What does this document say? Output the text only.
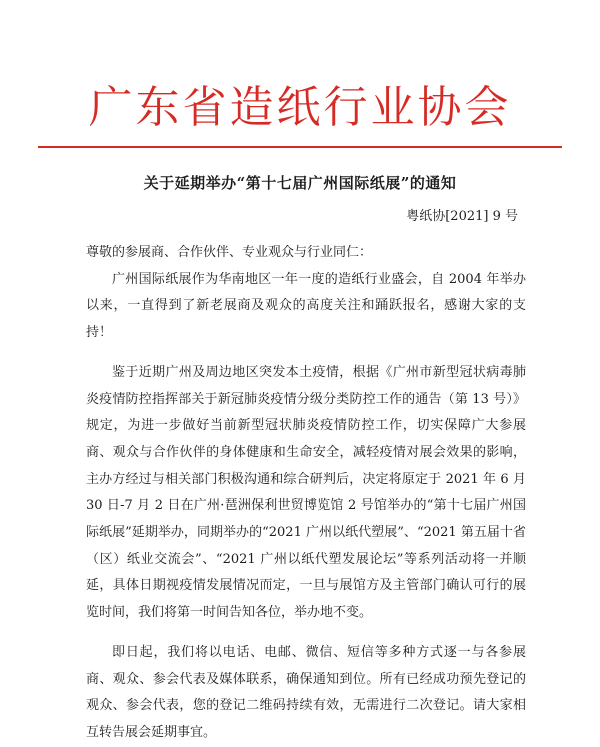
广东省造纸行业协会
关于延期举办“第十七届广州国际纸展”的通知
粤纸协[2021] 9 号

尊敬的参展商、合作伙伴、专业观众与行业同仁：

广州国际纸展作为华南地区一年一度的造纸行业盛会，自 2004 年举办以来，一直得到了新老展商及观众的高度关注和踊跃报名，感谢大家的支持！

鉴于近期广州及周边地区突发本土疫情，根据《广州市新型冠状病毒肺炎疫情防控指挥部关于新冠肺炎疫情分级分类防控工作的通告（第 13 号）》规定，为进一步做好当前新型冠状肺炎疫情防控工作，切实保障广大参展商、观众与合作伙伴的身体健康和生命安全，减轻疫情对展会效果的影响，主办方经过与相关部门积极沟通和综合研判后，决定将原定于 2021 年 6 月 30 日-7 月 2 日在广州·琶洲保利世贸博览馆 2 号馆举办的“第十七届广州国际纸展”延期举办，同期举办的“2021 广州以纸代塑展”、“2021 第五届十省（区）纸业交流会”、“2021 广州以纸代塑发展论坛”等系列活动将一并顺延，具体日期视疫情发展情况而定，一旦与展馆方及主管部门确认可行的展览时间，我们将第一时间告知各位，举办地不变。

即日起，我们将以电话、电邮、微信、短信等多种方式逐一与各参展商、观众、参会代表及媒体联系，确保通知到位。所有已经成功预先登记的观众、参会代表，您的登记二维码持续有效，无需进行二次登记。请大家相互转告展会延期事宜。
